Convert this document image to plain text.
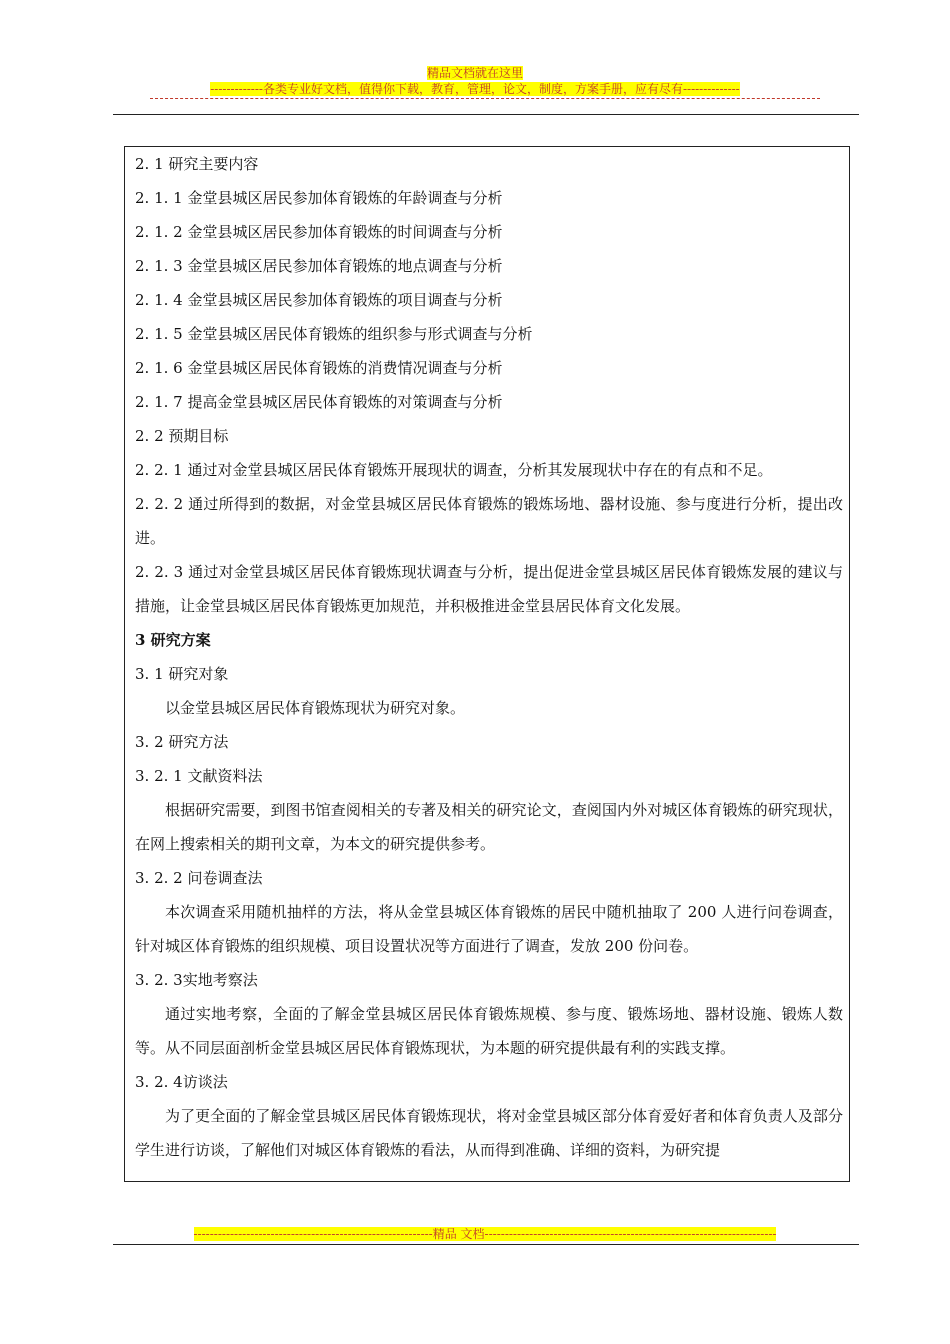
精品文档就在这里
-------------各类专业好文档，值得你下载，教育，管理，论文，制度，方案手册，应有尽有--------------

2. 1 研究主要内容

2. 1. 1 金堂县城区居民参加体育锻炼的年龄调查与分析

2. 1. 2 金堂县城区居民参加体育锻炼的时间调查与分析

2. 1. 3 金堂县城区居民参加体育锻炼的地点调查与分析

2. 1. 4 金堂县城区居民参加体育锻炼的项目调查与分析

2. 1. 5 金堂县城区居民体育锻炼的组织参与形式调查与分析

2. 1. 6 金堂县城区居民体育锻炼的消费情况调查与分析

2. 1. 7 提高金堂县城区居民体育锻炼的对策调查与分析

2. 2 预期目标

2. 2. 1 通过对金堂县城区居民体育锻炼开展现状的调查，分析其发展现状中存在的有点和不足。

2. 2. 2 通过所得到的数据，对金堂县城区居民体育锻炼的锻炼场地、器材设施、参与度进行分析，提出改进。

2. 2. 3 通过对金堂县城区居民体育锻炼现状调查与分析，提出促进金堂县城区居民体育锻炼发展的建议与措施，让金堂县城区居民体育锻炼更加规范，并积极推进金堂县居民体育文化发展。

3 研究方案

3. 1 研究对象

以金堂县城区居民体育锻炼现状为研究对象。

3. 2 研究方法

3. 2. 1 文献资料法

根据研究需要，到图书馆查阅相关的专著及相关的研究论文，查阅国内外对城区体育锻炼的研究现状，在网上搜索相关的期刊文章，为本文的研究提供参考。

3. 2. 2 问卷调查法

本次调查采用随机抽样的方法，将从金堂县城区体育锻炼的居民中随机抽取了 200 人进行问卷调查，针对城区体育锻炼的组织规模、项目设置状况等方面进行了调查，发放 200 份问卷。

3. 2. 3实地考察法

通过实地考察，全面的了解金堂县城区居民体育锻炼规模、参与度、锻炼场地、器材设施、锻炼人数等。从不同层面剖析金堂县城区居民体育锻炼现状，为本题的研究提供最有利的实践支撑。

3. 2. 4访谈法

为了更全面的了解金堂县城区居民体育锻炼现状，将对金堂县城区部分体育爱好者和体育负责人及部分学生进行访谈，了解他们对城区体育锻炼的看法，从而得到准确、详细的资料，为研究提

-----------------------------------------------------------精品 文档------------------------------------------------------------------------
